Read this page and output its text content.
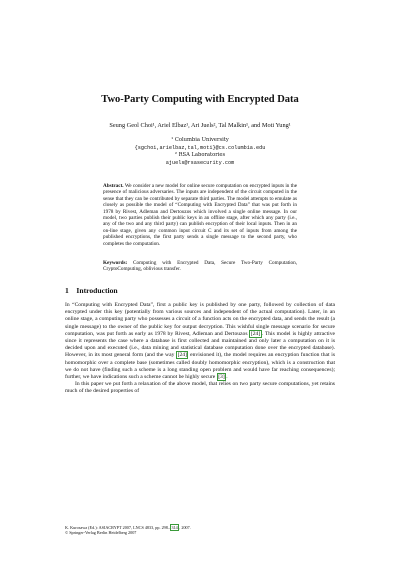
Two-Party Computing with Encrypted Data
Seung Geol Choi¹, Ariel Elbaz¹, Ari Juels², Tal Malkin¹, and Moti Yung¹
¹ Columbia University
{sgchoi,arielbaz,tal,moti}@cs.columbia.edu
² RSA Laboratories
ajuels@rsasecurity.com
Abstract. We consider a new model for online secure computation on encrypted inputs in the presence of malicious adversaries. The inputs are independent of the circuit computed in the sense that they can be contributed by separate third parties. The model attempts to emulate as closely as possible the model of “Computing with Encrypted Data” that was put forth in 1978 by Rivest, Adleman and Dertouzos which involved a single online message. In our model, two parties publish their public keys in an offline stage, after which any party (i.e., any of the two and any third party) can publish encryption of their local inputs. Then in an on-line stage, given any common input circuit C and its set of inputs from among the published encryptions, the first party sends a single message to the second party, who completes the computation.
Keywords: Computing with Encrypted Data, Secure Two-Party Computation, CryptoComputing, oblivious transfer.
1 Introduction

In “Computing with Encrypted Data”, first a public key is published by one party, followed by collection of data encrypted under this key (potentially from various sources and independent of the actual computation). Later, in an online stage, a computing party who possesses a circuit of a function acts on the encrypted data, and sends the result (a single message) to the owner of the public key for output decryption. This wishful single message scenario for secure computation, was put forth as early as 1978 by Rivest, Adleman and Dertouzos [24] . This model is highly attractive since it represents the case where a database is first collected and maintained and only later a computation on it is decided upon and executed (i.e., data mining and statistical database computation done over the encrypted database). However, in its most general form (and the way [24] envisioned it), the model requires an encryption function that is homomorphic over a complete base (sometimes called doubly homomorphic encryption), which is a construction that we do not have (finding such a scheme is a long standing open problem and would have far reaching consequences); further, we have indications such a scheme cannot be highly secure [3] .

In this paper we put forth a relaxation of the above model, that relies on two party secure computations, yet retains much of the desired properties of

K. Kurosawa (Ed.): ASIACRYPT 2007, LNCS 4833, pp. 298– 314 , 2007.
© Springer-Verlag Berlin Heidelberg 2007
